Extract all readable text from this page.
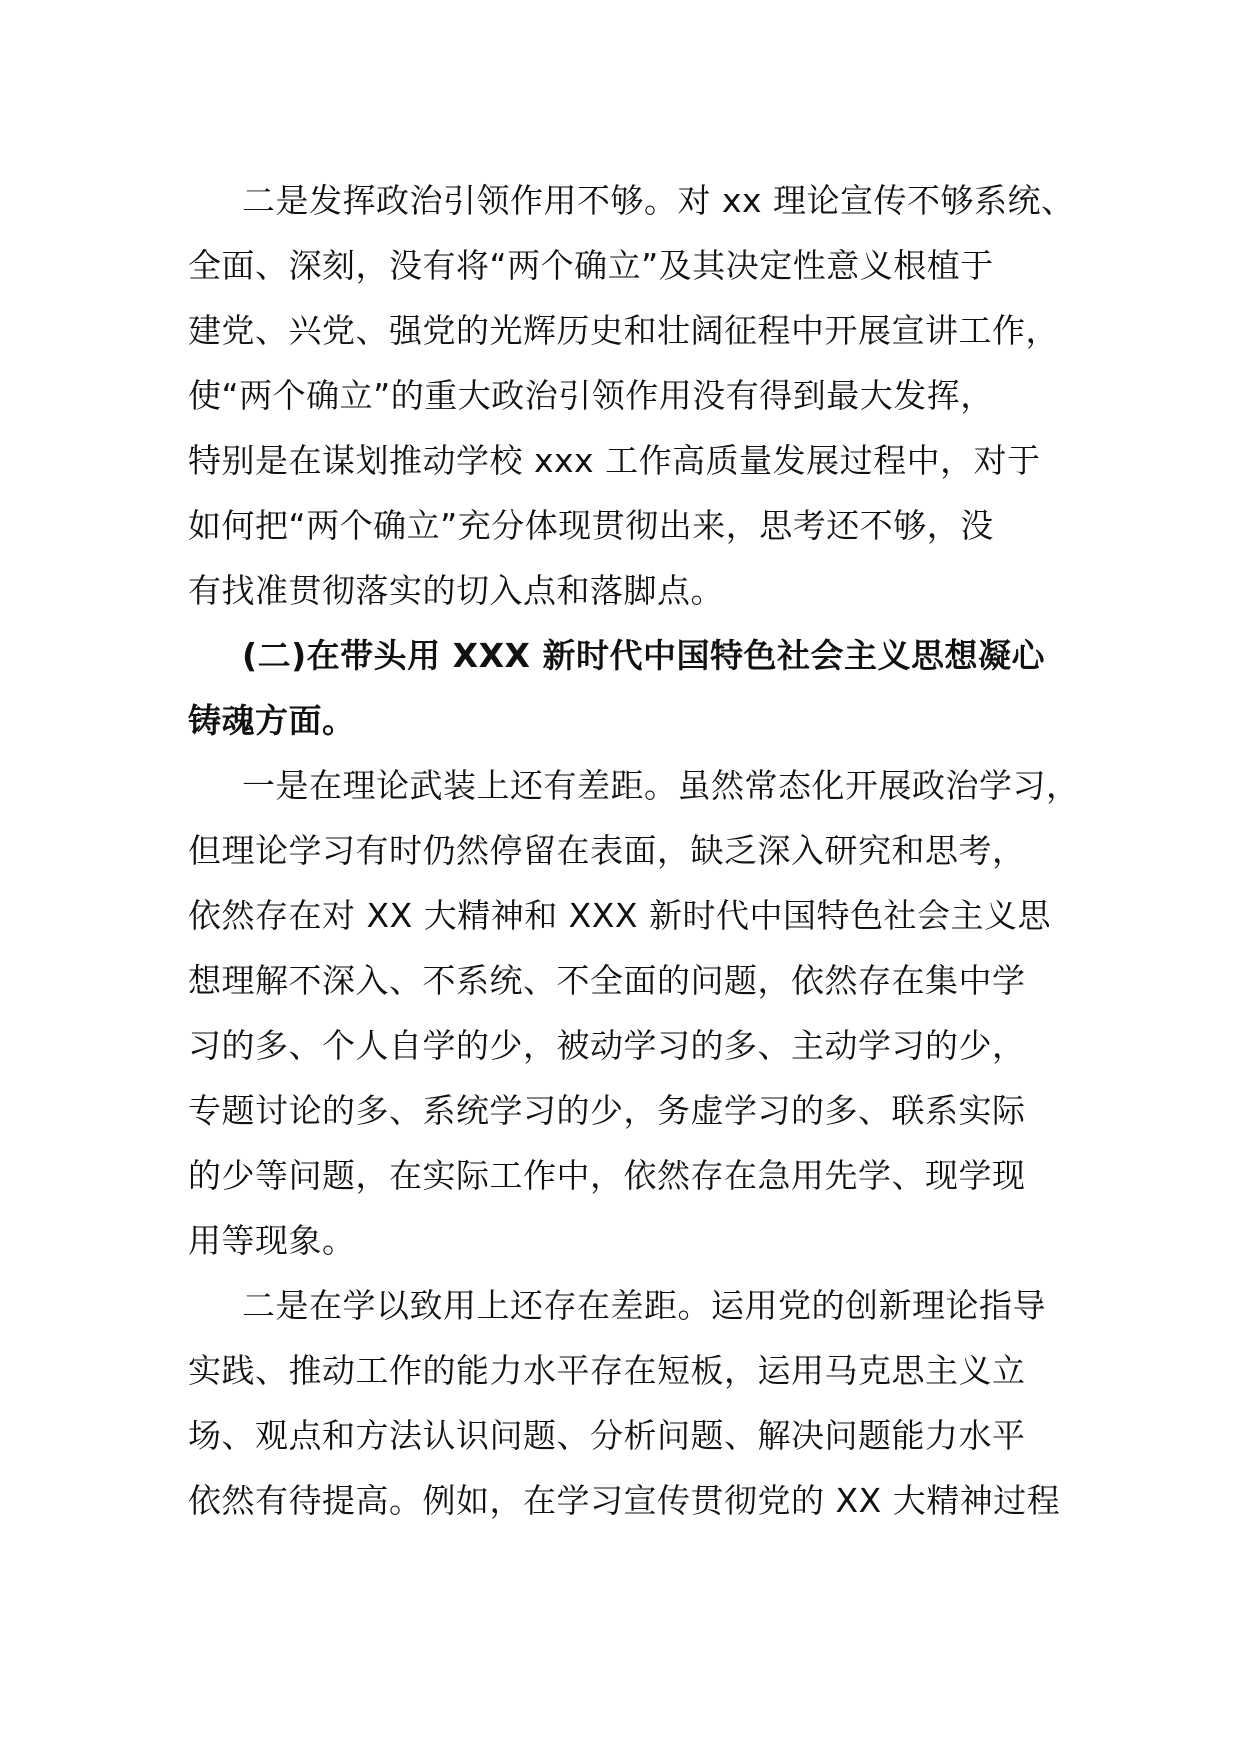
二是发挥政治引领作用不够。对 xx 理论宣传不够系统、
全面、深刻，没有将“两个确立”及其决定性意义根植于
建党、兴党、强党的光辉历史和壮阔征程中开展宣讲工作，
使“两个确立”的重大政治引领作用没有得到最大发挥，
特别是在谋划推动学校 xxx 工作高质量发展过程中，对于
如何把“两个确立”充分体现贯彻出来，思考还不够，没
有找准贯彻落实的切入点和落脚点。
(二)在带头用 XXX 新时代中国特色社会主义思想凝心
铸魂方面。
一是在理论武装上还有差距。虽然常态化开展政治学习，
但理论学习有时仍然停留在表面，缺乏深入研究和思考，
依然存在对 XX 大精神和 XXX 新时代中国特色社会主义思
想理解不深入、不系统、不全面的问题，依然存在集中学
习的多、个人自学的少，被动学习的多、主动学习的少，
专题讨论的多、系统学习的少，务虚学习的多、联系实际
的少等问题，在实际工作中，依然存在急用先学、现学现
用等现象。
二是在学以致用上还存在差距。运用党的创新理论指导
实践、推动工作的能力水平存在短板，运用马克思主义立
场、观点和方法认识问题、分析问题、解决问题能力水平
依然有待提高。例如，在学习宣传贯彻党的 XX 大精神过程
